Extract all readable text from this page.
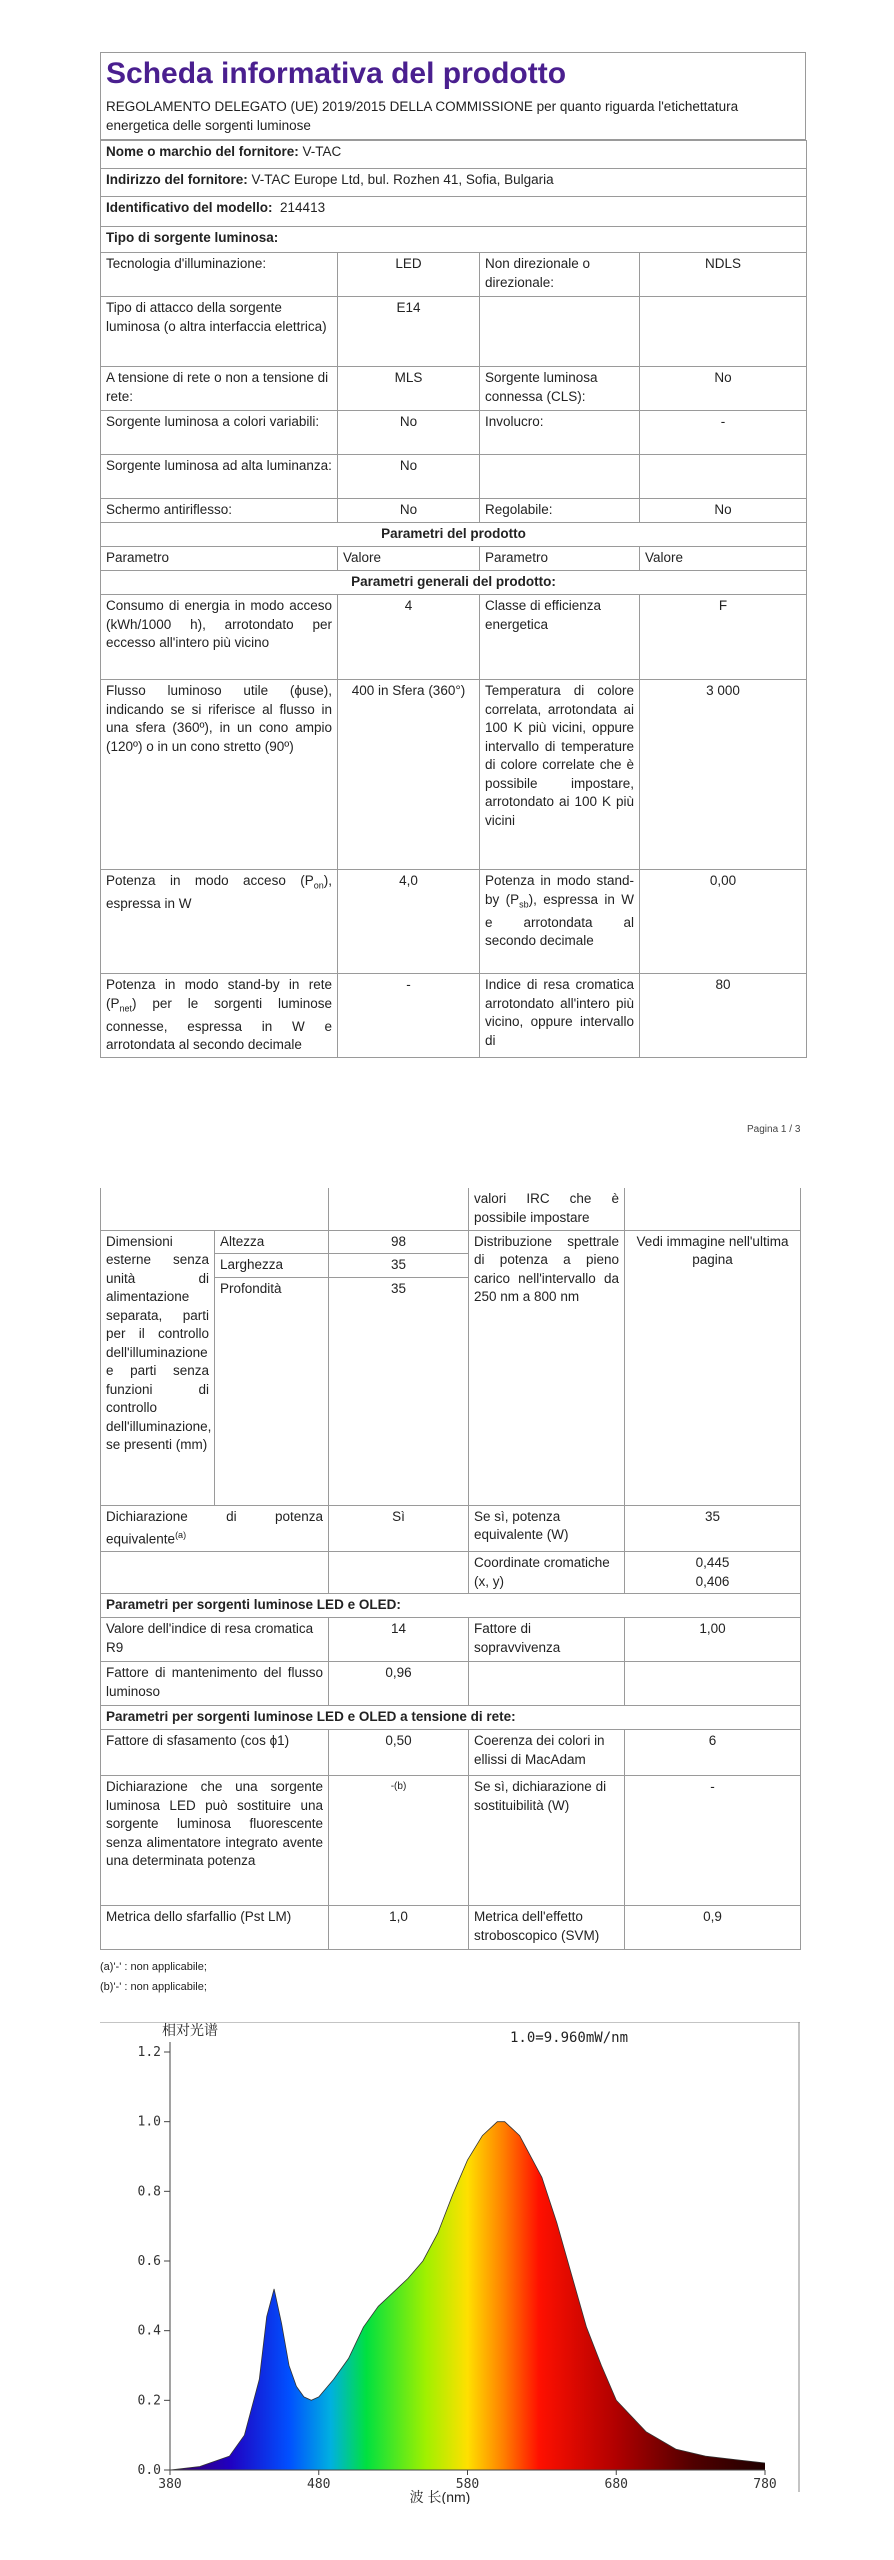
Scheda informativa del prodotto
REGOLAMENTO DELEGATO (UE) 2019/2015 DELLA COMMISSIONE per quanto riguarda l'etichettatura energetica delle sorgenti luminose
Nome o marchio del fornitore: V-TAC			
Indirizzo del fornitore: V-TAC Europe Ltd, bul. Rozhen 41, Sofia, Bulgaria			
Identificativo del modello: 214413			
Tipo di sorgente luminosa:			
Tecnologia d'illuminazione:	LED	Non direzionale o direzionale:	NDLS
Tipo di attacco della sorgente luminosa (o altra interfaccia elettrica)	E14		
A tensione di rete o non a tensione di rete:	MLS	Sorgente luminosa connessa (CLS):	No
Sorgente luminosa a colori variabili:	No	Involucro:	-
Sorgente luminosa ad alta luminanza:	No		
Schermo antiriflesso:	No	Regolabile:	No
Parametri del prodotto			
Parametro	Valore	Parametro	Valore
Parametri generali del prodotto:			
Consumo di energia in modo acceso (kWh/1000 h), arrotondato per eccesso all'intero più vicino	4	Classe di efficienza energetica	F
Flusso luminoso utile (ϕuse), indicando se si riferisce al flusso in una sfera (360º), in un cono ampio (120º) o in un cono stretto (90º)	400 in Sfera (360°)	Temperatura di colore correlata, arrotondata ai 100 K più vicini, oppure intervallo di temperature di colore correlate che è possibile impostare, arrotondato ai 100 K più vicini	3 000
Potenza in modo acceso $(P_{on})$, espressa in W	4,0	Potenza in modo stand-by $(P_{sb})$, espressa in W e arrotondata al secondo decimale	0,00
Potenza in modo stand-by in rete $(P_{net})$ per le sorgenti luminose connesse, espressa in W e arrotondata al secondo decimale	-	Indice di resa cromatica arrotondato all'intero più vicino, oppure intervallo di	80
Pagina 1 / 3
			valori IRC che è possibile impostare	
Dimensioni esterne senza unità di alimentazione separata, parti per il controllo dell'illuminazione e parti senza funzioni di controllo dell'illuminazione, se presenti (mm)	Altezza	98	Distribuzione spettrale di potenza a pieno carico nell'intervallo da 250 nm a 800 nm	Vedi immagine nell'ultima pagina
	Larghezza	35		
	Profondità	35		

Dichiarazione di potenza equivalente$^{(a)}$		Sì	Se sì, potenza equivalente (W)	35
			Coordinate cromatiche (x, y)	0,445
0,406

Parametri per sorgenti luminose LED e OLED:				
Valore dell'indice di resa cromatica R9		14	Fattore di sopravvivenza	1,00
Fattore di mantenimento del flusso luminoso		0,96		
Parametri per sorgenti luminose LED e OLED a tensione di rete:				
Fattore di sfasamento (cos ϕ1)		0,50	Coerenza dei colori in ellissi di MacAdam	6
Dichiarazione che una sorgente luminosa LED può sostituire una sorgente luminosa fluorescente senza alimentatore integrato avente una determinata potenza		-(b)	Se sì, dichiarazione di sostituibilità (W)	-
Metrica dello sfarfallio (Pst LM)		1,0	Metrica dell'effetto stroboscopico (SVM)	0,9
(a)'-' : non applicabile;
(b)'-' : non applicabile;
相对光谱	1.0=9.960mW/nm
波 长(nm)
0.0
0.2
0.4
0.6
0.8
1.0
1.2
380	480	580	680	780
